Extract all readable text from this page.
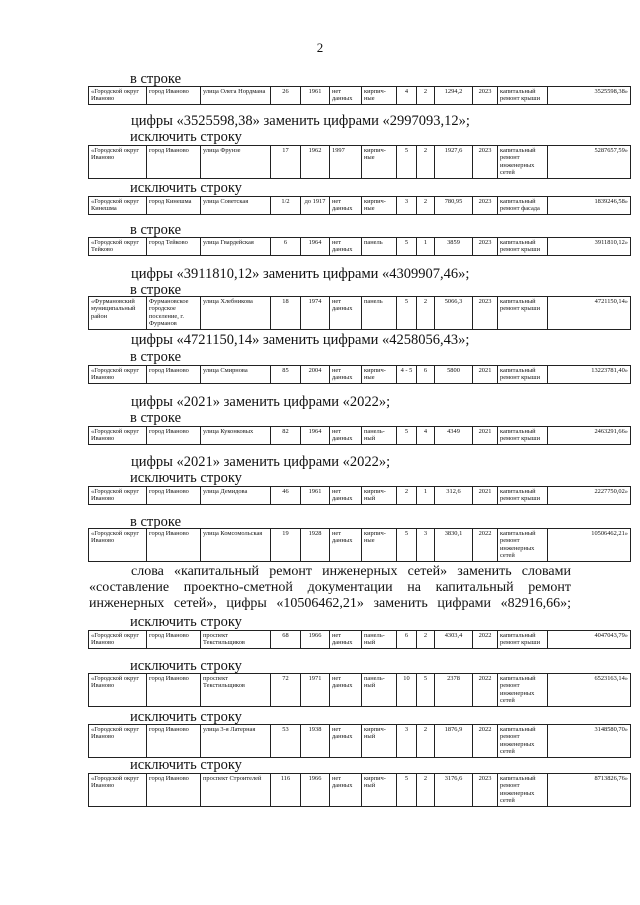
2
в строке
«Городской округ Иваново	город Иваново	улица Олега Нордмана	26	1961	нет данных	кирпич-ные	4	2	1294,2	2023	капитальный ремонт крыши	3525598,38»
цифры «3525598,38» заменить цифрами «2997093,12»;
исключить строку
«Городской округ Иваново	город Иваново	улица Фрунзе	17	1962	1997	кирпич-ные	5	2	1927,6	2023	капитальный ремонт инженерных сетей	5287657,59»
исключить строку
«Городской округ Кинешма	город Кинешма	улица Советская	1/2	до 1917	нет данных	кирпич-ные	3	2	780,95	2023	капитальный ремонт фасада	1839246,58»
в строке
«Городской округ Тейково	город Тейково	улица Гвардейская	6	1964	нет данных	панель	5	1	3859	2023	капитальный ремонт крыши	3911810,12»
цифры «3911810,12» заменить цифрами «4309907,46»;
в строке
«Фурмановский муниципальный район	Фурмановское городское поселение, г. Фурманов	улица Хлебникова	18	1974	нет данных	панель	5	2	5066,3	2023	капитальный ремонт крыши	4721150,14»
цифры «4721150,14» заменить цифрами «4258056,43»;
в строке
«Городской округ Иваново	город Иваново	улица Смирнова	85	2004	нет данных	кирпич-ные	4 - 5	6	5800	2021	капитальный ремонт крыши	13223781,40»
цифры «2021» заменить цифрами «2022»;
в строке
«Городской округ Иваново	город Иваново	улица Куконковых	82	1964	нет данных	панель-ный	5	4	4349	2021	капитальный ремонт крыши	2463291,66»
цифры «2021» заменить цифрами «2022»;
исключить строку
«Городской округ Иваново	город Иваново	улица Демидова	46	1961	нет данных	кирпич-ный	2	1	312,6	2021	капитальный ремонт крыши	2227750,02»
в строке
«Городской округ Иваново	город Иваново	улица Комсомольская	19	1928	нет данных	кирпич-ные	5	3	3830,1	2022	капитальный ремонт инженерных сетей	10506462,21»
слова «капитальный ремонт инженерных сетей» заменить словами
«составление проектно-сметной документации на капитальный ремонт
инженерных сетей», цифры «10506462,21» заменить цифрами «82916,66»;
исключить строку
«Городской округ Иваново	город Иваново	проспект Текстильщиков	68	1966	нет данных	панель-ный	6	2	4303,4	2022	капитальный ремонт крыши	4047043,79»
исключить строку
«Городской округ Иваново	город Иваново	проспект Текстильщиков	72	1971	нет данных	панель-ный	10	5	2378	2022	капитальный ремонт инженерных сетей	6523163,14»
исключить строку
«Городской округ Иваново	город Иваново	улица 3-я Латерная	53	1938	нет данных	кирпич-ный	3	2	1876,9	2022	капитальный ремонт инженерных сетей	3148580,70»
исключить строку
«Городской округ Иваново	город Иваново	проспект Строителей	116	1966	нет данных	кирпич-ный	5	2	3176,6	2023	капитальный ремонт инженерных сетей	8713826,76»
